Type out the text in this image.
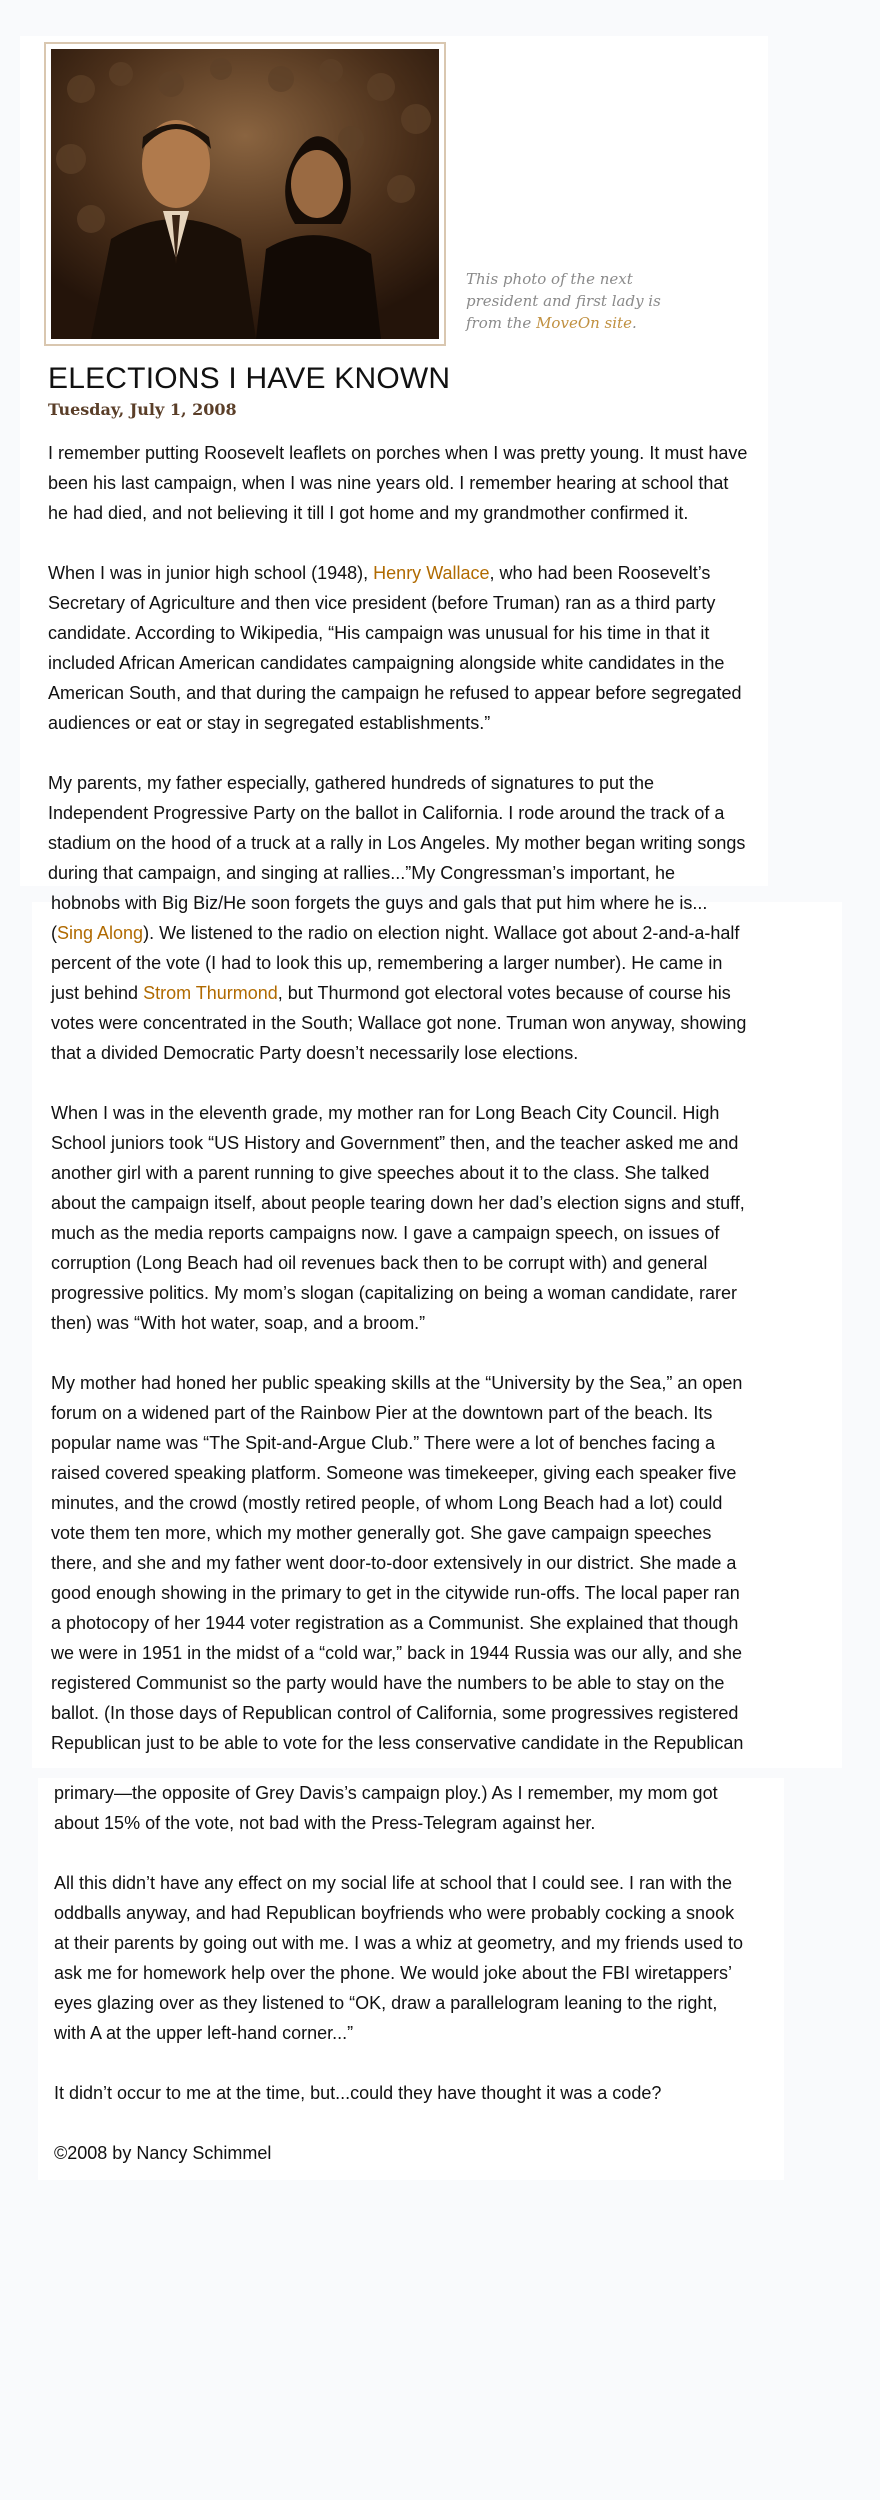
This photo of the next president and first lady is from the MoveOn site.
ELECTIONS I HAVE KNOWN
Tuesday, July 1, 2008

I remember putting Roosevelt leaflets on porches when I was pretty young. It must have been his last campaign, when I was nine years old. I remember hearing at school that he had died, and not believing it till I got home and my grandmother confirmed it.

When I was in junior high school (1948), Henry Wallace, who had been Roosevelt’s Secretary of Agriculture and then vice president (before Truman) ran as a third party candidate. According to Wikipedia, “His campaign was unusual for his time in that it included African American candidates campaigning alongside white candidates in the American South, and that during the campaign he refused to appear before segregated audiences or eat or stay in segregated establishments.”

My parents, my father especially, gathered hundreds of signatures to put the Independent Progressive Party on the ballot in California. I rode around the track of a stadium on the hood of a truck at a rally in Los Angeles. My mother began writing songs during that campaign, and singing at rallies...”My Congressman’s important, he

hobnobs with Big Biz/He soon forgets the guys and gals that put him where he is... (Sing Along). We listened to the radio on election night. Wallace got about 2-and-a-half percent of the vote (I had to look this up, remembering a larger number). He came in just behind Strom Thurmond, but Thurmond got electoral votes because of course his votes were concentrated in the South; Wallace got none. Truman won anyway, showing that a divided Democratic Party doesn’t necessarily lose elections.

When I was in the eleventh grade, my mother ran for Long Beach City Council. High School juniors took “US History and Government” then, and the teacher asked me and another girl with a parent running to give speeches about it to the class. She talked about the campaign itself, about people tearing down her dad’s election signs and stuff, much as the media reports campaigns now. I gave a campaign speech, on issues of corruption (Long Beach had oil revenues back then to be corrupt with) and general progressive politics. My mom’s slogan (capitalizing on being a woman candidate, rarer then) was “With hot water, soap, and a broom.”

My mother had honed her public speaking skills at the “University by the Sea,” an open forum on a widened part of the Rainbow Pier at the downtown part of the beach. Its popular name was “The Spit-and-Argue Club.” There were a lot of benches facing a raised covered speaking platform. Someone was timekeeper, giving each speaker five minutes, and the crowd (mostly retired people, of whom Long Beach had a lot) could vote them ten more, which my mother generally got. She gave campaign speeches there, and she and my father went door-to-door extensively in our district. She made a good enough showing in the primary to get in the citywide run-offs. The local paper ran a photocopy of her 1944 voter registration as a Communist. She explained that though we were in 1951 in the midst of a “cold war,” back in 1944 Russia was our ally, and she registered Communist so the party would have the numbers to be able to stay on the ballot. (In those days of Republican control of California, some progressives registered Republican just to be able to vote for the less conservative candidate in the Republican

primary—the opposite of Grey Davis’s campaign ploy.) As I remember, my mom got about 15% of the vote, not bad with the Press-Telegram against her.

All this didn’t have any effect on my social life at school that I could see. I ran with the oddballs anyway, and had Republican boyfriends who were probably cocking a snook at their parents by going out with me. I was a whiz at geometry, and my friends used to ask me for homework help over the phone. We would joke about the FBI wiretappers’ eyes glazing over as they listened to “OK, draw a parallelogram leaning to the right, with A at the upper left-hand corner...”

It didn’t occur to me at the time, but...could they have thought it was a code?

©2008 by Nancy Schimmel
